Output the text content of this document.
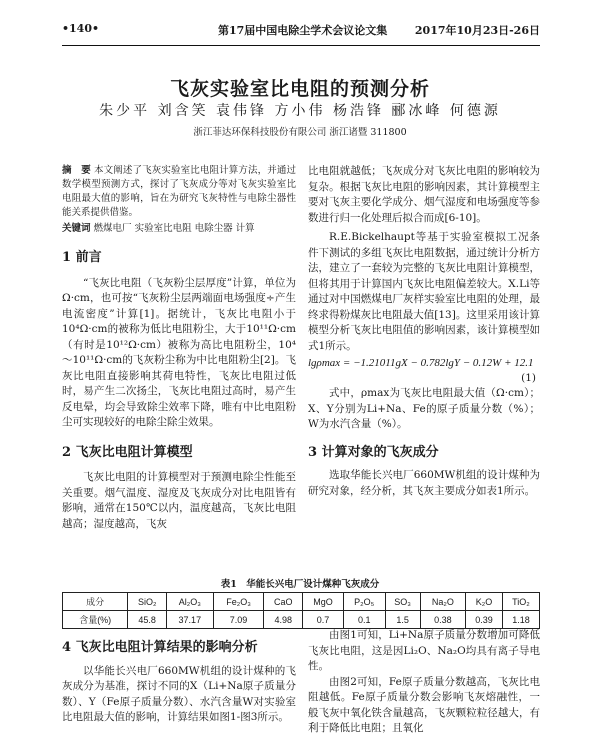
•140•	第17届中国电除尘学术会议论文集	2017年10月23日-26日
飞灰实验室比电阻的预测分析
朱少平 刘含笑 袁伟锋 方小伟 杨浩锋 郦冰峰 何德源
浙江菲达环保科技股份有限公司 浙江诸暨 311800
摘　要 本文阐述了飞灰实验室比电阻计算方法，并通过数学模型预测方式，探讨了飞灰成分等对飞灰实验室比电阻最大值的影响，旨在为研究飞灰特性与电除尘器性能关系提供借鉴。
关键词 燃煤电厂 实验室比电阻 电除尘器 计算
1 前言

“飞灰比电阻（飞灰粉尘层厚度”计算，单位为Ω·cm，也可按“飞灰粉尘层两端面电场强度÷产生电流密度”计算[1]。据统计，飞灰比电阻小于10⁴Ω·cm的被称为低比电阻粉尘，大于10¹¹Ω·cm（有时是10¹²Ω·cm）被称为高比电阻粉尘，10⁴～10¹¹Ω·cm的飞灰粉尘称为中比电阻粉尘[2]。飞灰比电阻直接影响其荷电特性，飞灰比电阻过低时，易产生二次扬尘，飞灰比电阻过高时，易产生反电晕，均会导致除尘效率下降，唯有中比电阻粉尘可实现较好的电除尘除尘效果。

2 飞灰比电阻计算模型

飞灰比电阻的计算模型对于预测电除尘性能至关重要。烟气温度、湿度及飞灰成分对比电阻皆有影响，通常在150℃以内，温度越高，飞灰比电阻越高；湿度越高，飞灰

比电阻就越低；飞灰成分对飞灰比电阻的影响较为复杂。根据飞灰比电阻的影响因素，其计算模型主要对飞灰主要化学成分、烟气湿度和电场强度等参数进行归一化处理后拟合而成[6-10]。

R.E.Bickelhaupt等基于实验室模拟工况条件下测试的多组飞灰比电阻数据，通过统计分析方法，建立了一套较为完整的飞灰比电阻计算模型，但将其用于计算国内飞灰比电阻偏差较大。X.Li等通过对中国燃煤电厂灰样实验室比电阻的处理，最终求得粉煤灰比电阻最大值[13]。这里采用该计算模型分析飞灰比电阻值的影响因素，该计算模型如式1所示。

lgρmax = −1.21011gX − 0.782lgY − 0.12W + 12.1
(1)

式中，ρmax为飞灰比电阻最大值（Ω·cm）；X、Y分别为Li+Na、Fe的原子质量分数（%）；W为水汽含量（%）。

3 计算对象的飞灰成分

选取华能长兴电厂660MW机组的设计煤种为研究对象，经分析，其飞灰主要成分如表1所示。

表1　华能长兴电厂设计煤种飞灰成分
成分	SiO₂	Al₂O₃	Fe₂O₃	CaO	MgO	P₂O₅	SO₃	Na₂O	K₂O	TiO₂
含量(%)	45.8	37.17	7.09	4.98	0.7	0.1	1.5	0.38	0.39	1.18
4 飞灰比电阻计算结果的影响分析

以华能长兴电厂660MW机组的设计煤种的飞灰成分为基准，探讨不同的X（Li+Na原子质量分数）、Y（Fe原子质量分数）、水汽含量W对实验室比电阻最大值的影响，计算结果如图1-图3所示。

由图1可知，Li+Na原子质量分数增加可降低飞灰比电阻，这是因Li₂O、Na₂O均具有离子导电性。

由图2可知，Fe原子质量分数越高，飞灰比电阻越低。Fe原子质量分数会影响飞灰熔融性，一般飞灰中氧化铁含量越高，飞灰颗粒粒径越大，有利于降低比电阻；且氧化
